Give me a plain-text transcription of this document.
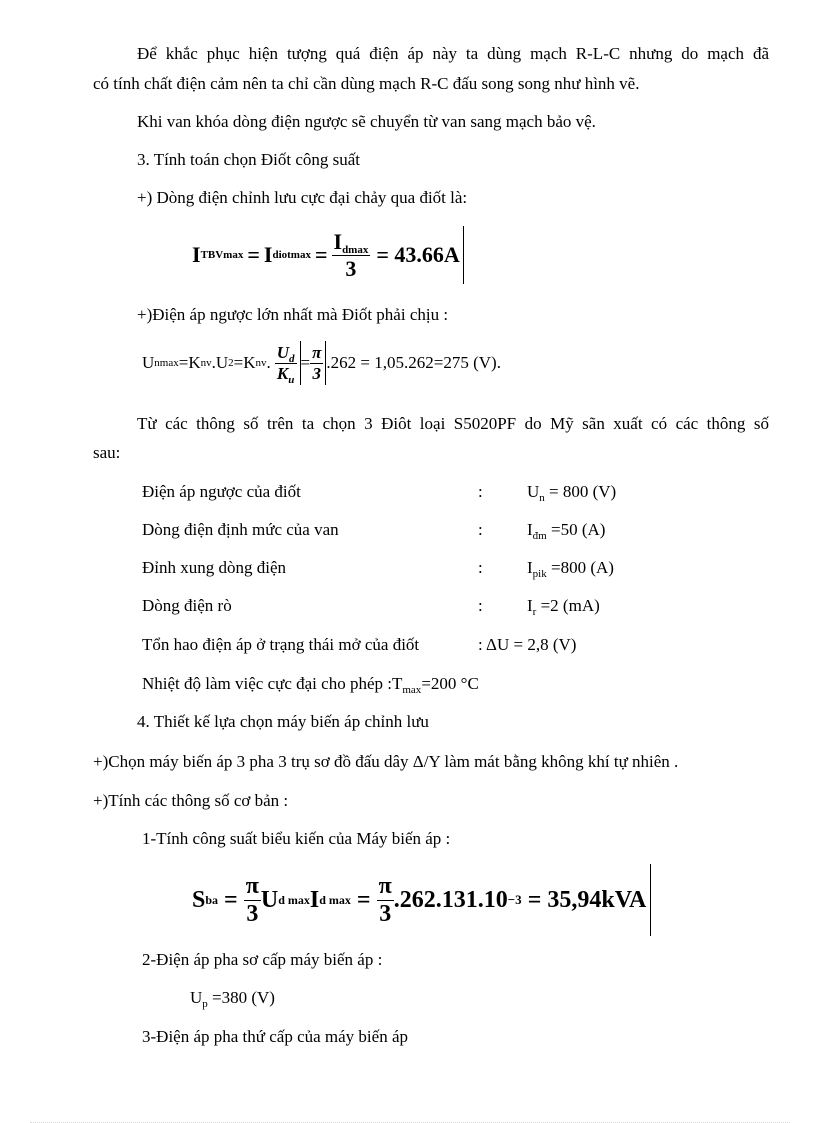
Để khắc phục hiện tượng quá điện áp này ta dùng mạch R-L-C nhưng do mạch đã
có tính chất điện cảm nên ta chỉ cần dùng mạch R-C đấu song song như hình vẽ.
Khi van khóa dòng điện ngược sẽ chuyển từ van sang mạch bảo vệ.
3. Tính toán chọn Điốt công suất
+) Dòng điện chỉnh lưu cực đại chảy qua điốt là:
I TBVmax = I diotmax = $\frac{I_{dmax}}{3} = 43.66A$
+)Điện áp ngược lớn nhất mà Điốt phải chịu :
U nmax =K nv .U 2 =K nv . $\frac{U_d}{K_u} = \frac{\pi}{3} .262 = 1,05.262=275$ (V).
Từ các thông số trên ta chọn 3 Điôt loại S5020PF do Mỹ sãn xuất có các thông số
sau:
Điện áp ngược của điốt	:	$U_n = 800$ (V)
Dòng điện định mức của van	:	$I_{đm} =50$ (A)
Đỉnh xung dòng điện	:	$I_{pik} =800$ (A)
Dòng điện rò	:	$I_r =2$ (mA)
Tổn hao điện áp ở trạng thái mở của điốt	: ΔU = 2,8 (V)
Nhiệt độ làm việc cực đại cho phép $:T_{max}=200$ °C
4. Thiết kế lựa chọn máy biến áp chỉnh lưu
+)Chọn máy biến áp 3 pha 3 trụ sơ đồ đấu dây Δ/Y làm mát bằng không khí tự nhiên .
+)Tính các thông số cơ bản :
1-Tính công suất biểu kiến của Máy biến áp :
S ba = $\frac{\pi}{3}$ U d max I d $\max = \frac{\pi}{3} .262.131.10 -3 = 35,94kVA$
2-Điện áp pha sơ cấp máy biến áp :
$U_p =380$ (V)
3-Điện áp pha thứ cấp của máy biến áp
